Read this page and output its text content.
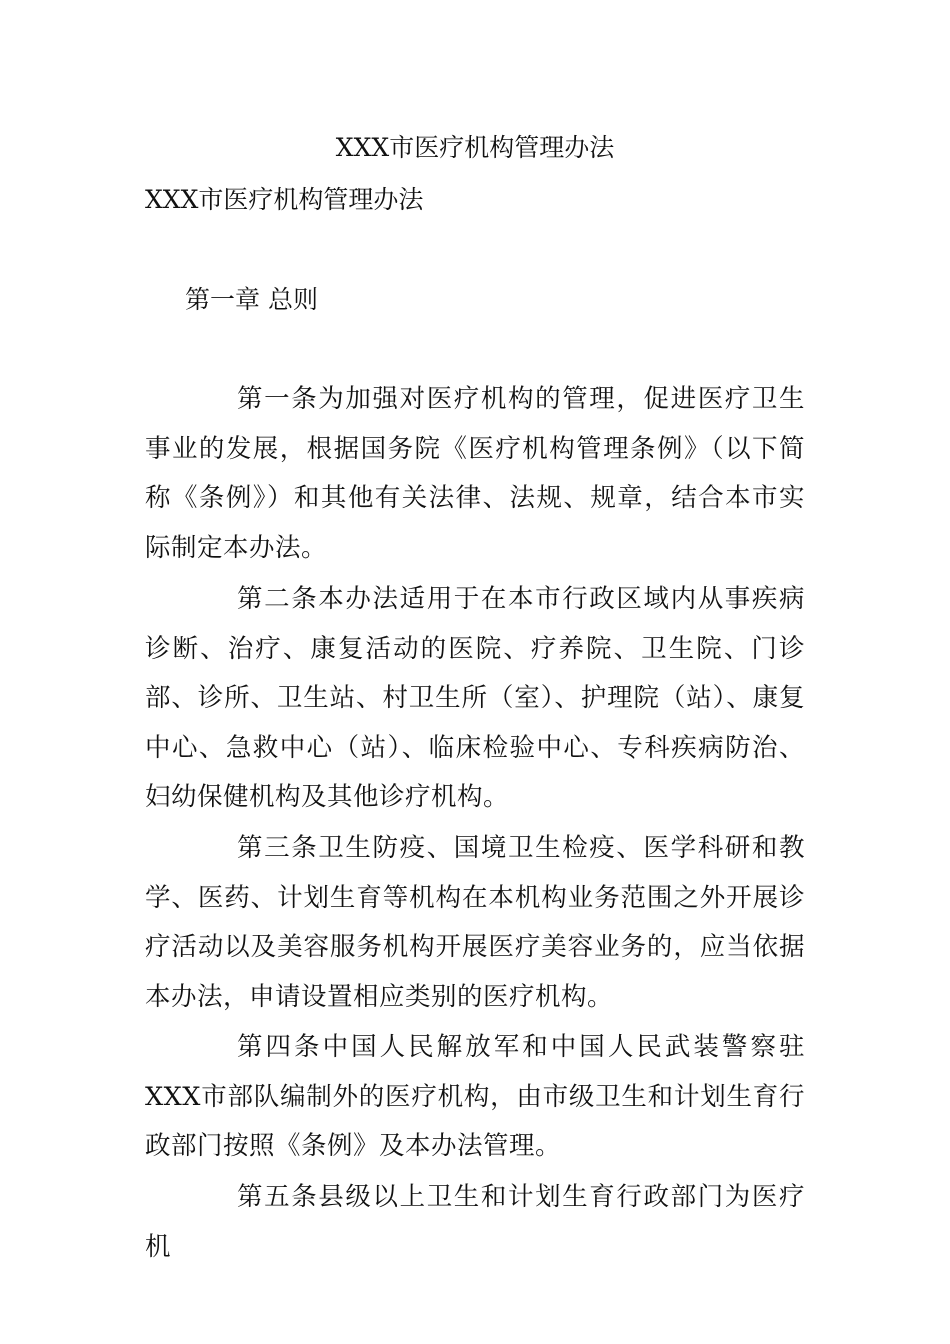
XXX市医疗机构管理办法
XXX市医疗机构管理办法
第一章 总则

第一条为加强对医疗机构的管理，促进医疗卫生事业的发展，根据国务院《医疗机构管理条例》（以下简称《条例》）和其他有关法律、法规、规章，结合本市实际制定本办法。

第二条本办法适用于在本市行政区域内从事疾病诊断、治疗、康复活动的医院、疗养院、卫生院、门诊部、诊所、卫生站、村卫生所（室）、护理院（站）、康复中心、急救中心（站）、临床检验中心、专科疾病防治、妇幼保健机构及其他诊疗机构。

第三条卫生防疫、国境卫生检疫、医学科研和教学、医药、计划生育等机构在本机构业务范围之外开展诊疗活动以及美容服务机构开展医疗美容业务的，应当依据本办法，申请设置相应类别的医疗机构。

第四条中国人民解放军和中国人民武装警察驻XXX市部队编制外的医疗机构，由市级卫生和计划生育行政部门按照《条例》及本办法管理。

第五条县级以上卫生和计划生育行政部门为医疗机
